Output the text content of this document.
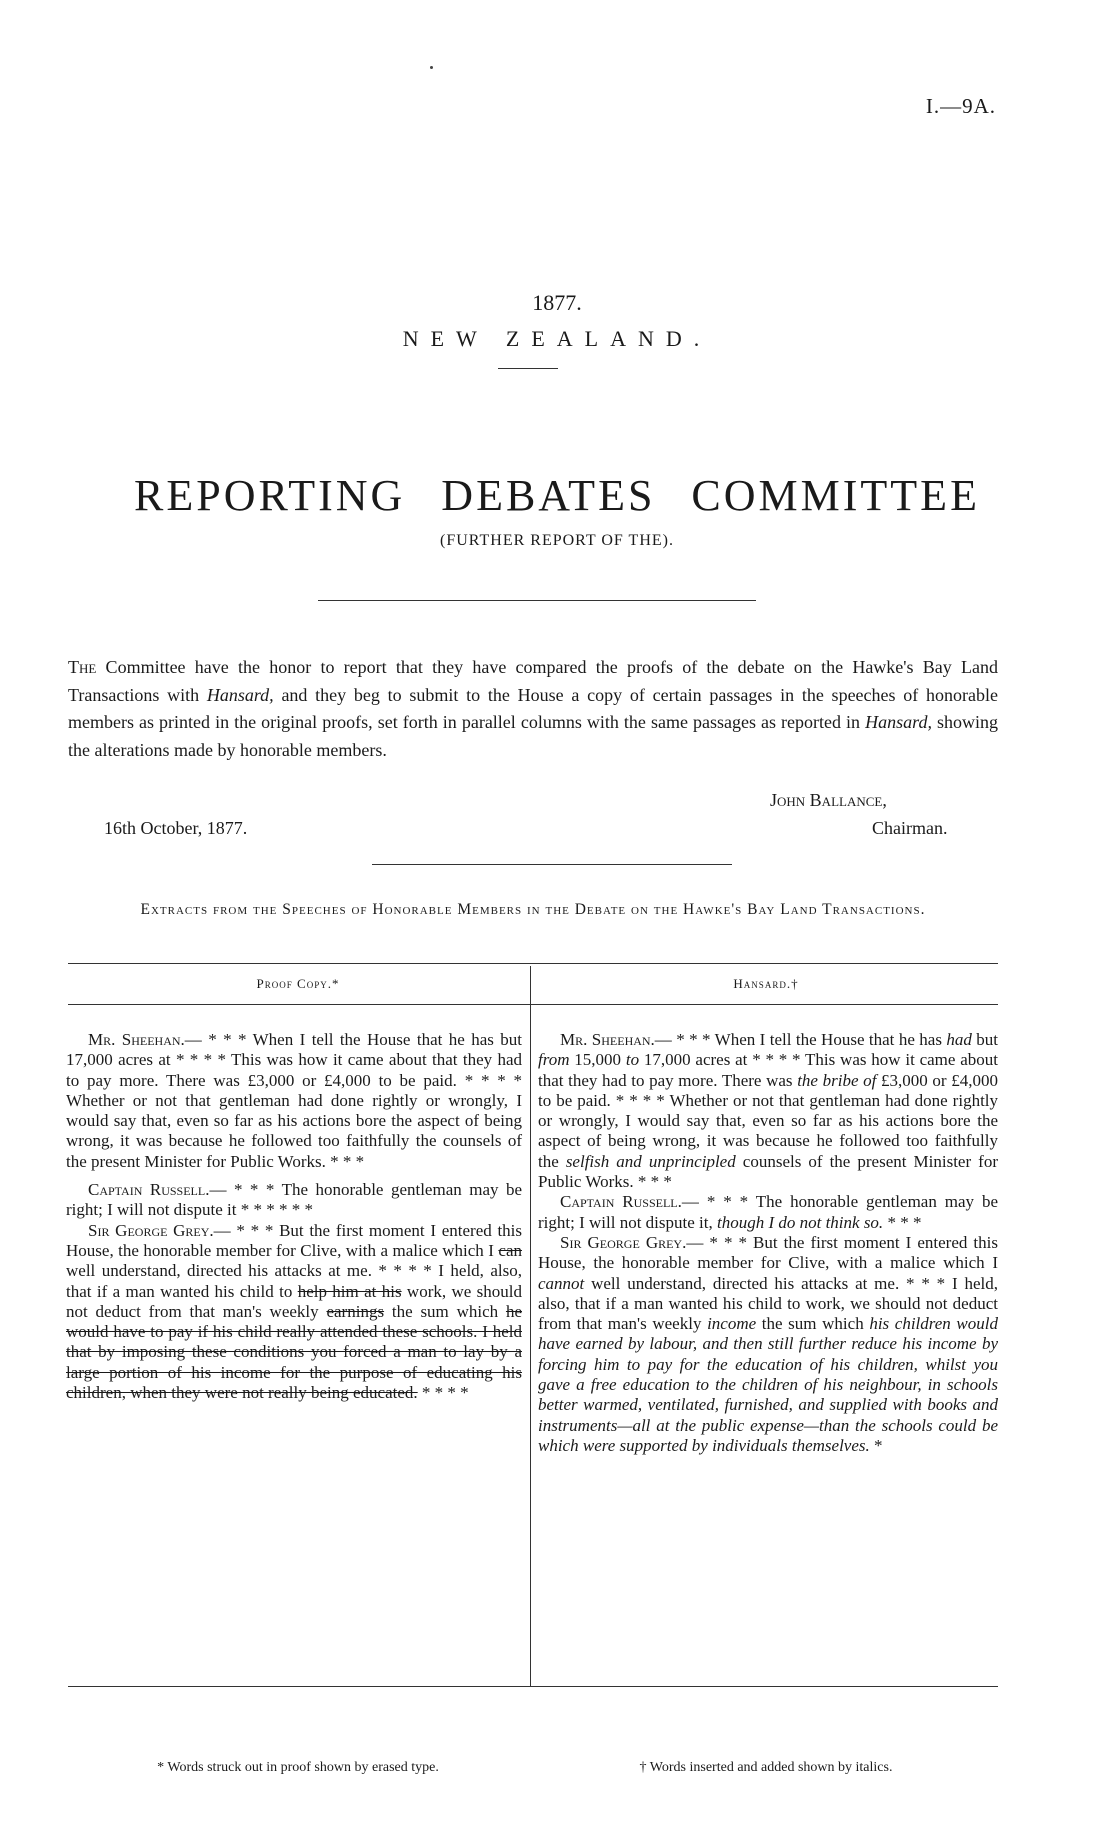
I.—9A.
1877.
NEW ZEALAND.
REPORTING DEBATES COMMITTEE
(FURTHER REPORT OF THE).
The Committee have the honor to report that they have compared the proofs of the debate on the Hawke's Bay Land Transactions with Hansard, and they beg to submit to the House a copy of certain passages in the speeches of honorable members as printed in the original proofs, set forth in parallel columns with the same passages as reported in Hansard, showing the alterations made by honorable members.
16th October, 1877.
John Ballance,
Chairman.
Extracts from the Speeches of Honorable Members in the Debate on the Hawke's Bay Land Transactions.
Proof Copy.*	Hansard.†

Mr. Sheehan.— * * * When I tell the House that he has but 17,000 acres at * * * * This was how it came about that they had to pay more. There was £3,000 or £4,000 to be paid. * * * * Whether or not that gentleman had done rightly or wrongly, I would say that, even so far as his actions bore the aspect of being wrong, it was because he followed too faithfully the counsels of the present Minister for Public Works. * * *

Captain Russell.— * * * The honorable gentleman may be right; I will not dispute it * * * * * *

Sir George Grey.— * * * But the first moment I entered this House, the honorable member for Clive, with a malice which I can well understand, directed his attacks at me. * * * * I held, also, that if a man wanted his child to help him at his work, we should not deduct from that man's weekly earnings the sum which he would have to pay if his child really attended these schools. I held that by imposing these conditions you forced a man to lay by a large portion of his income for the purpose of educating his children, when they were not really being educated. * * * *

Mr. Sheehan.— * * * When I tell the House that he has had but from 15,000 to 17,000 acres at * * * * This was how it came about that they had to pay more. There was the bribe of £3,000 or £4,000 to be paid. * * * * Whether or not that gentleman had done rightly or wrongly, I would say that, even so far as his actions bore the aspect of being wrong, it was because he followed too faithfully the selfish and unprincipled counsels of the present Minister for Public Works. * * *

Captain Russell.— * * * The honorable gentleman may be right; I will not dispute it, though I do not think so. * * *

Sir George Grey.— * * * But the first moment I entered this House, the honorable member for Clive, with a malice which I cannot well understand, directed his attacks at me. * * * I held, also, that if a man wanted his child to work, we should not deduct from that man's weekly income the sum which his children would have earned by labour, and then still further reduce his income by forcing him to pay for the education of his children, whilst you gave a free education to the children of his neighbour, in schools better warmed, ventilated, furnished, and supplied with books and instruments—all at the public expense—than the schools could be which were supported by individuals themselves. *

* Words struck out in proof shown by erased type.	† Words inserted and added shown by italics.
